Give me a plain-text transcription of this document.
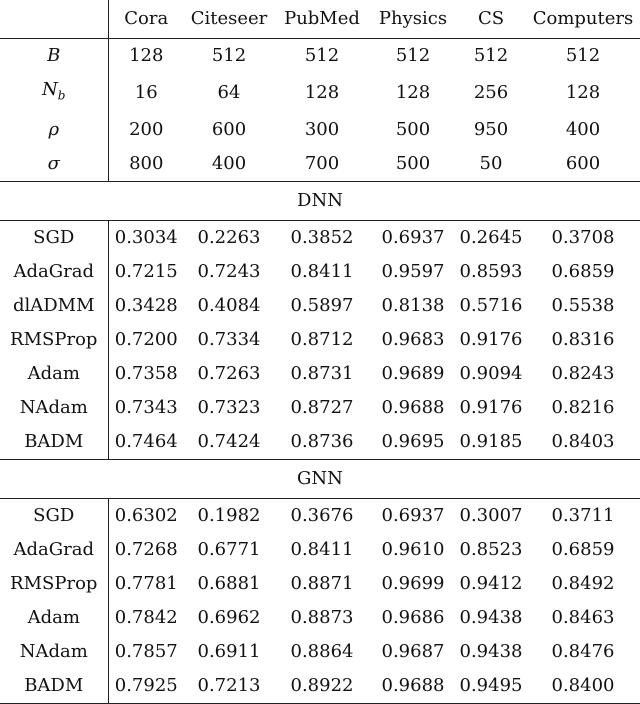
	Cora	Citeseer	PubMed	Physics	CS	Computers
B	128	512	512	512	512	512
$N_b$	16	64	128	128	256	128
ρ	200	600	300	500	950	400
σ	800	400	700	500	50	600
DNN						
SGD	0.3034	0.2263	0.3852	0.6937	0.2645	0.3708
AdaGrad	0.7215	0.7243	0.8411	0.9597	0.8593	0.6859
dlADMM	0.3428	0.4084	0.5897	0.8138	0.5716	0.5538
RMSProp	0.7200	0.7334	0.8712	0.9683	0.9176	0.8316
Adam	0.7358	0.7263	0.8731	0.9689	0.9094	0.8243
NAdam	0.7343	0.7323	0.8727	0.9688	0.9176	0.8216
BADM	0.7464	0.7424	0.8736	0.9695	0.9185	0.8403
GNN						
SGD	0.6302	0.1982	0.3676	0.6937	0.3007	0.3711
AdaGrad	0.7268	0.6771	0.8411	0.9610	0.8523	0.6859
RMSProp	0.7781	0.6881	0.8871	0.9699	0.9412	0.8492
Adam	0.7842	0.6962	0.8873	0.9686	0.9438	0.8463
NAdam	0.7857	0.6911	0.8864	0.9687	0.9438	0.8476
BADM	0.7925	0.7213	0.8922	0.9688	0.9495	0.8400
